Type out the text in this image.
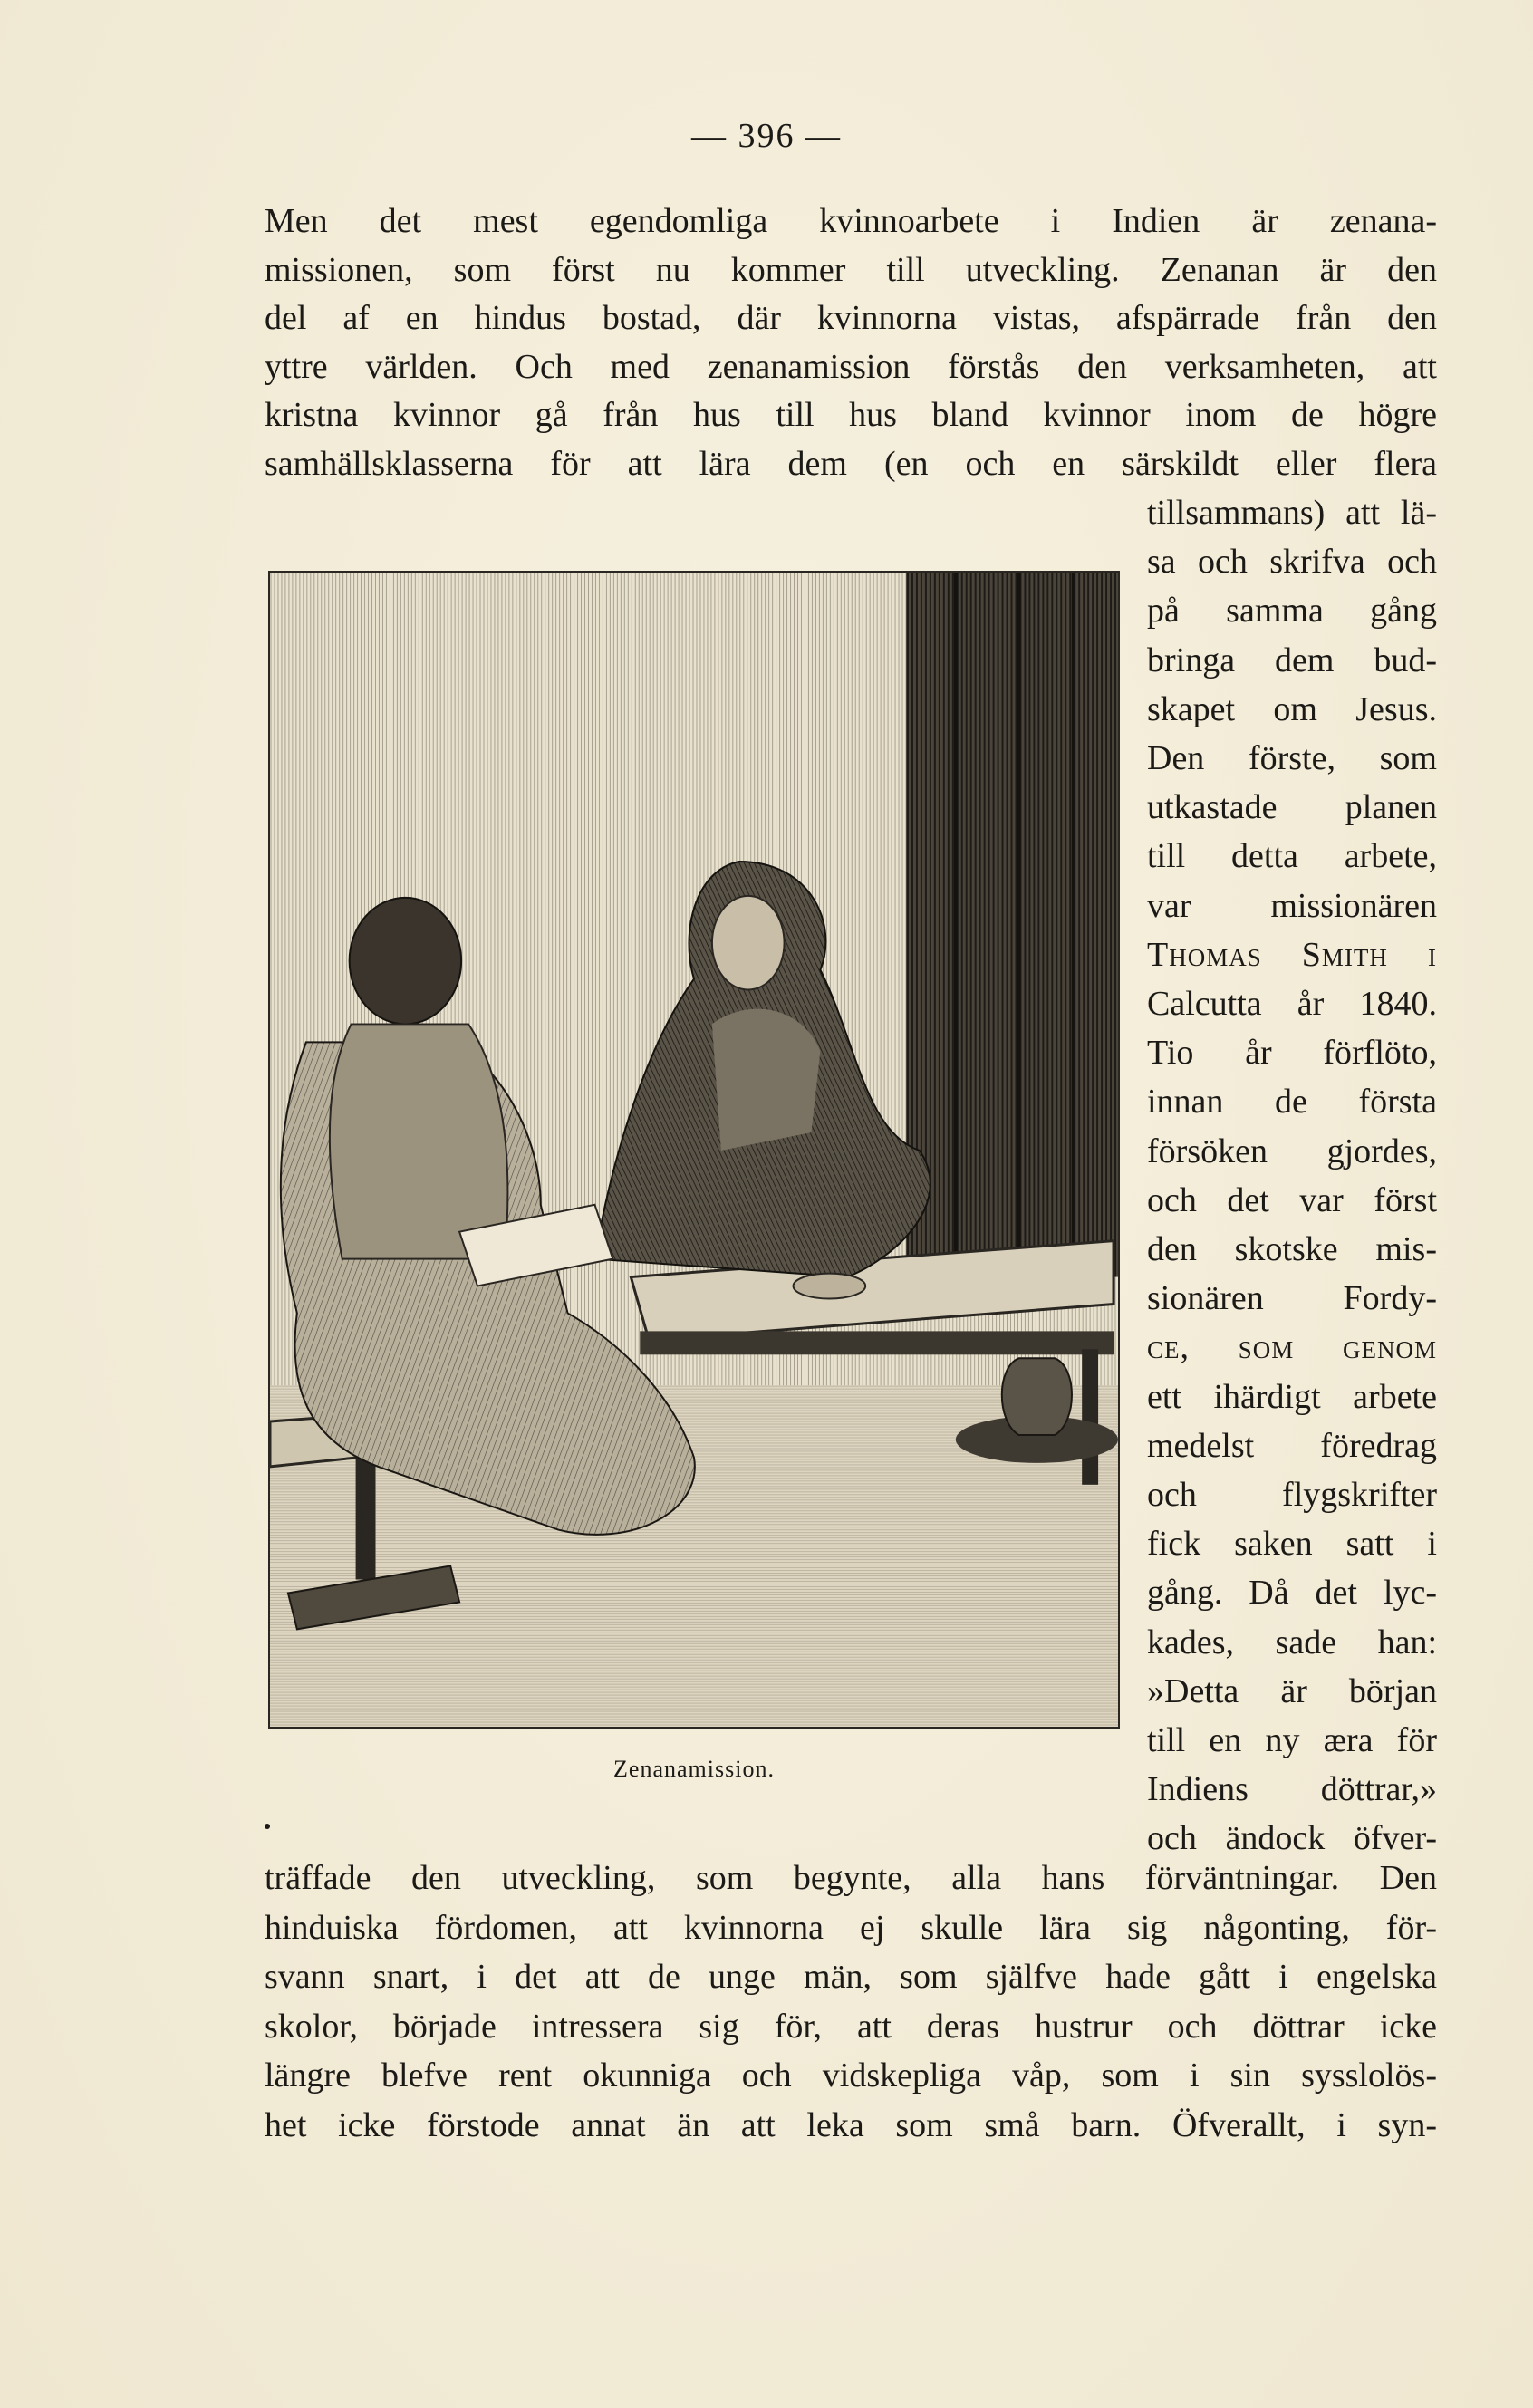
— 396 —
Men det mest egendomliga kvinnoarbete i Indien är zenana-
missionen, som först nu kommer till utveckling. Zenanan är den
del af en hindus bostad, där kvinnorna vistas, afspärrade från den
yttre världen. Och med zenanamission förstås den verksamheten, att
kristna kvinnor gå från hus till hus bland kvinnor inom de högre
samhällsklasserna för att lära dem (en och en särskildt eller flera
tillsammans) att lä-
sa och skrifva och
på samma gång
bringa dem bud-
skapet om Jesus.
Den förste, som
utkastade planen
till detta arbete,
var missionären
Thomas Smith i
Calcutta år 1840.
Tio år förflöto,
innan de första
försöken gjordes,
och det var först
den skotske mis-
sionären Fordy-
ce, som genom
ett ihärdigt arbete
medelst föredrag
och flygskrifter
fick saken satt i
gång. Då det lyc-
kades, sade han:
»Detta är början
till en ny æra för
Indiens döttrar,»
och ändock öfver-
Zenanamission.
träffade den utveckling, som begynte, alla hans förväntningar. Den
hinduiska fördomen, att kvinnorna ej skulle lära sig någonting, för-
svann snart, i det att de unge män, som själfve hade gått i engelska
skolor, började intressera sig för, att deras hustrur och döttrar icke
längre blefve rent okunniga och vidskepliga våp, som i sin sysslolös-
het icke förstode annat än att leka som små barn. Öfverallt, i syn-
